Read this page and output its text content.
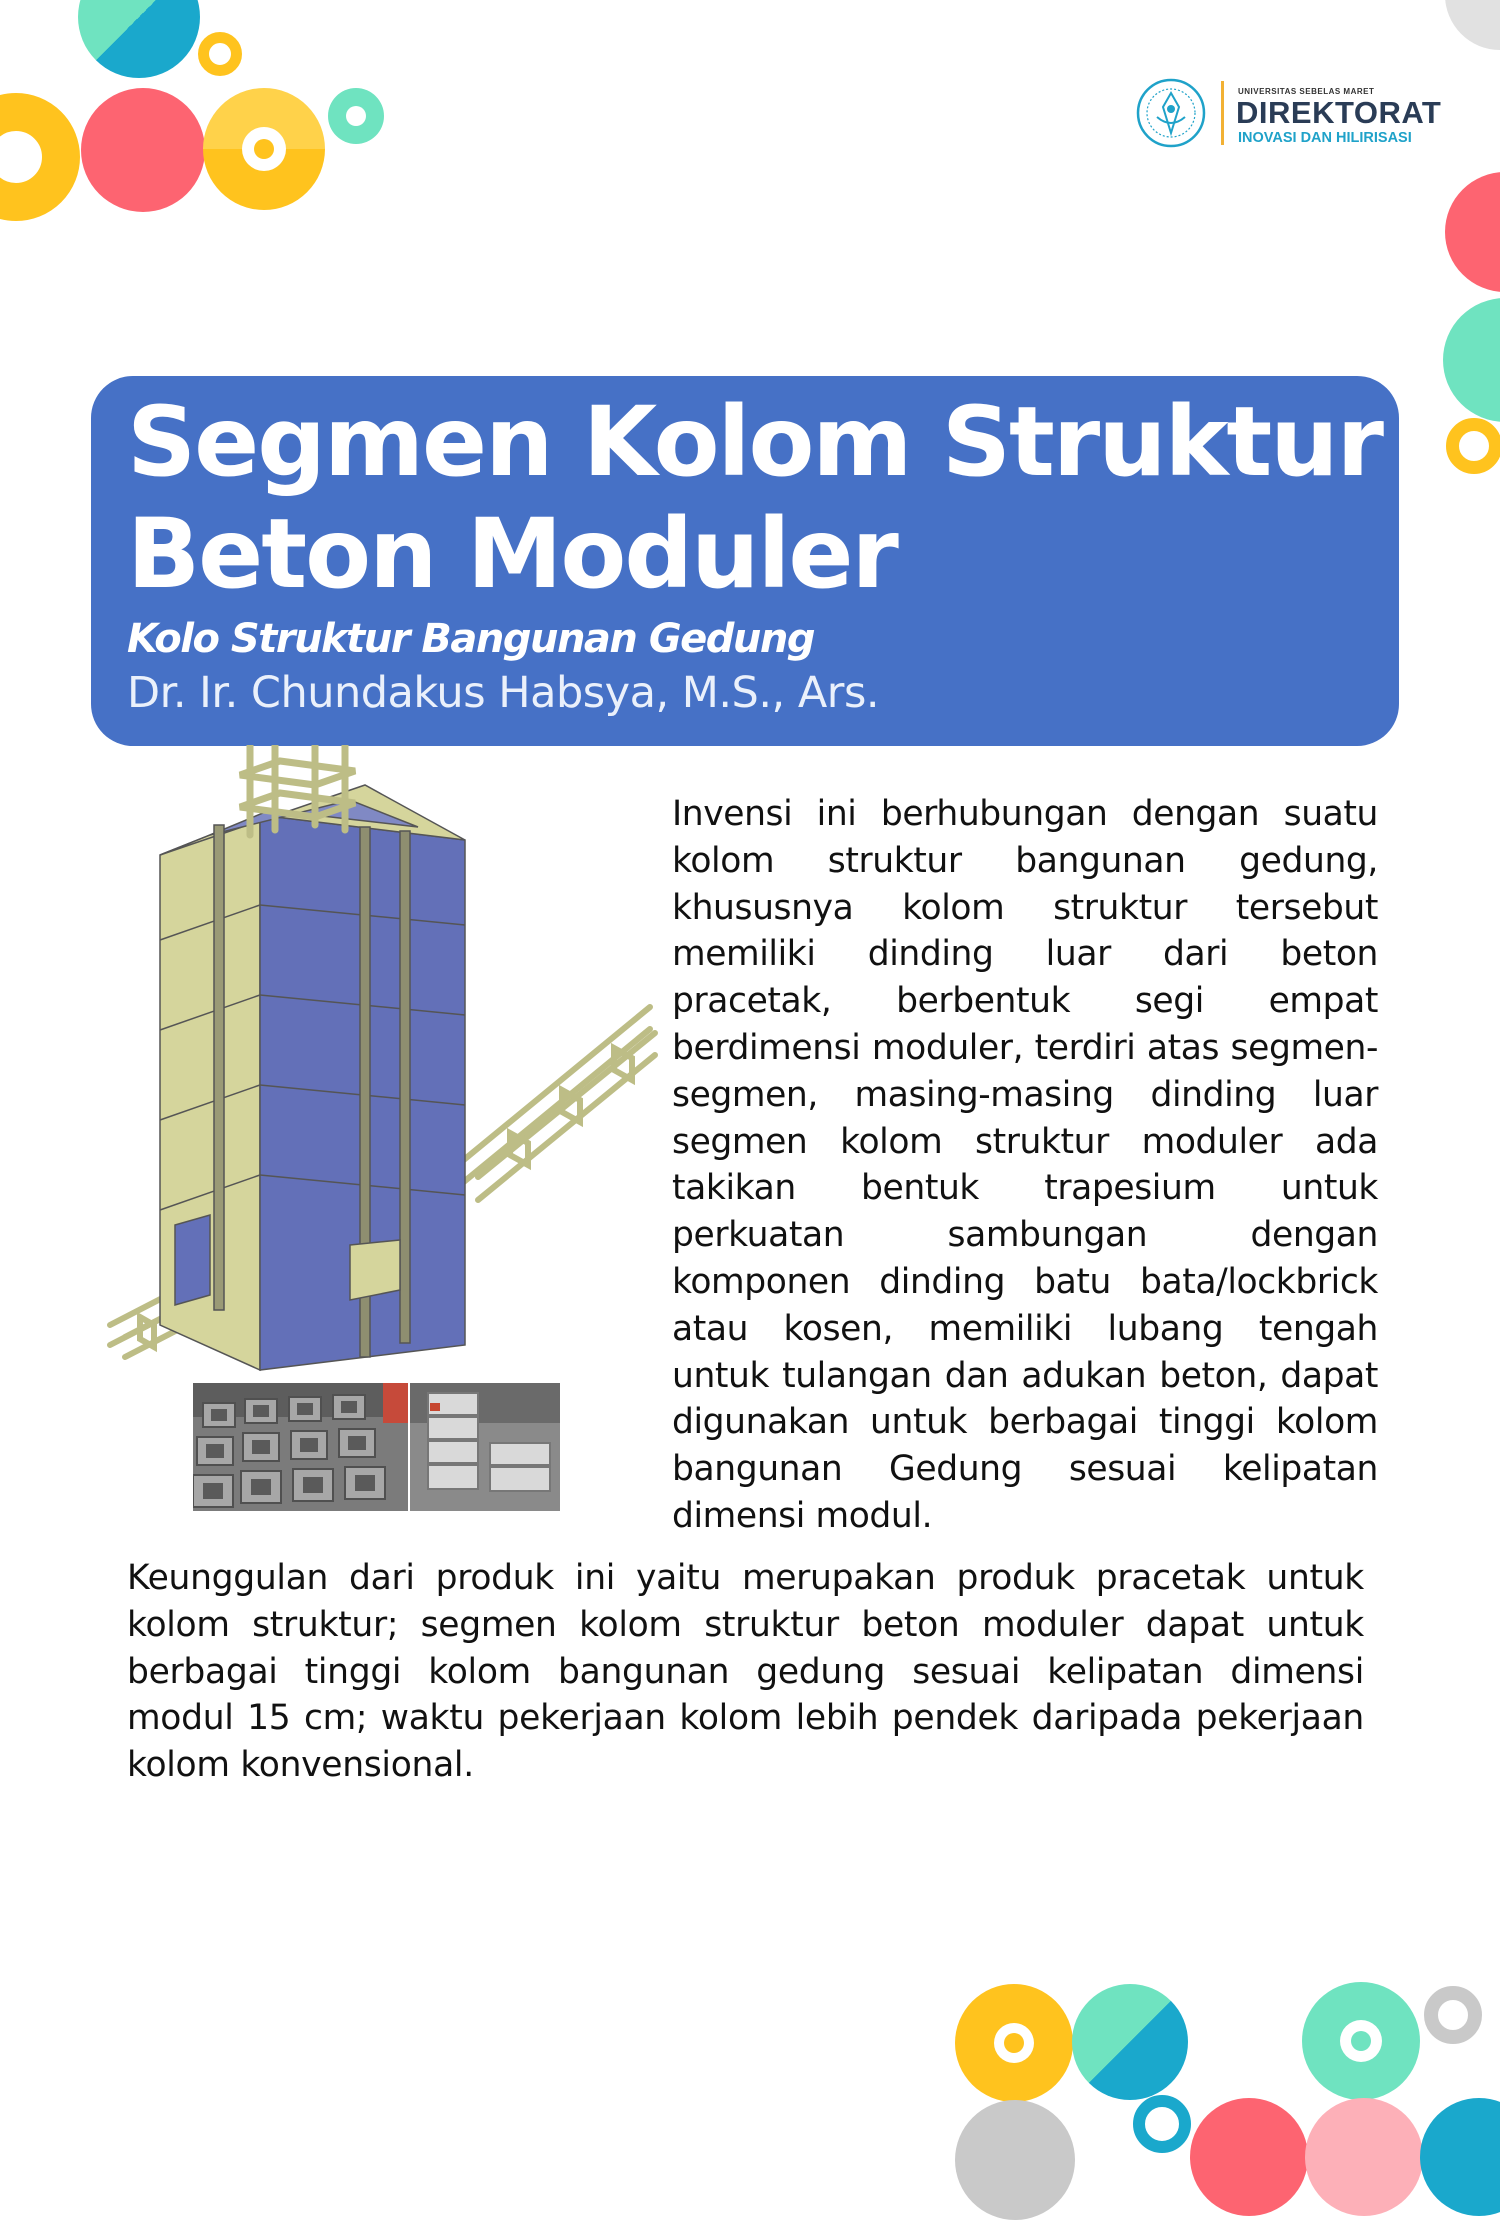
UNIVERSITAS SEBELAS MARET
DIREKTORAT
INOVASI DAN HILIRISASI
Segmen Kolom Struktur
Beton Moduler
Kolo Struktur Bangunan Gedung
Dr. Ir. Chundakus Habsya, M.S., Ars.

Invensi ini berhubungan dengan suatu kolom struktur bangunan gedung, khususnya kolom struktur tersebut memiliki dinding luar dari beton pracetak, berbentuk segi empat berdimensi moduler, terdiri atas segmen-segmen, masing-masing dinding luar segmen kolom struktur moduler ada takikan bentuk trapesium untuk perkuatan sambungan dengan komponen dinding batu bata/lockbrick atau kosen, memiliki lubang tengah untuk tulangan dan adukan beton, dapat digunakan untuk berbagai tinggi kolom bangunan Gedung sesuai kelipatan dimensi modul.

Keunggulan dari produk ini yaitu merupakan produk pracetak untuk kolom struktur; segmen kolom struktur beton moduler dapat untuk berbagai tinggi kolom bangunan gedung sesuai kelipatan dimensi modul 15 cm; waktu pekerjaan kolom lebih pendek daripada pekerjaan kolom konvensional.
